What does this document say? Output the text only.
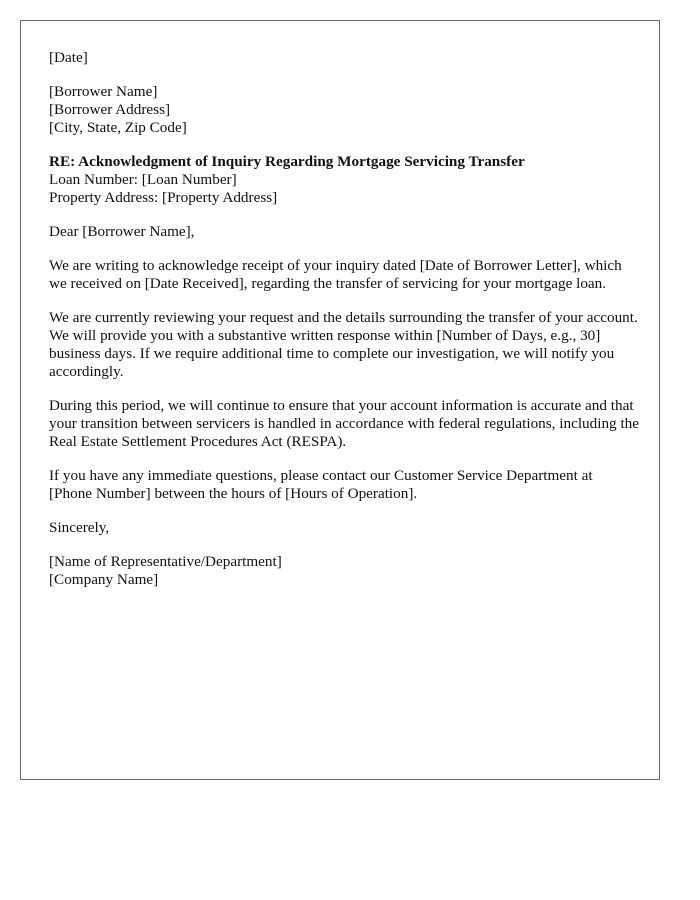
[Date]

[Borrower Name]
[Borrower Address]
[City, State, Zip Code]

RE: Acknowledgment of Inquiry Regarding Mortgage Servicing Transfer
Loan Number: [Loan Number]
Property Address: [Property Address]

Dear [Borrower Name],

We are writing to acknowledge receipt of your inquiry dated [Date of Borrower Letter], which we received on [Date Received], regarding the transfer of servicing for your mortgage loan.

We are currently reviewing your request and the details surrounding the transfer of your account. We will provide you with a substantive written response within [Number of Days, e.g., 30] business days. If we require additional time to complete our investigation, we will notify you accordingly.

During this period, we will continue to ensure that your account information is accurate and that your transition between servicers is handled in accordance with federal regulations, including the Real Estate Settlement Procedures Act (RESPA).

If you have any immediate questions, please contact our Customer Service Department at [Phone Number] between the hours of [Hours of Operation].

Sincerely,

[Name of Representative/Department]
[Company Name]
